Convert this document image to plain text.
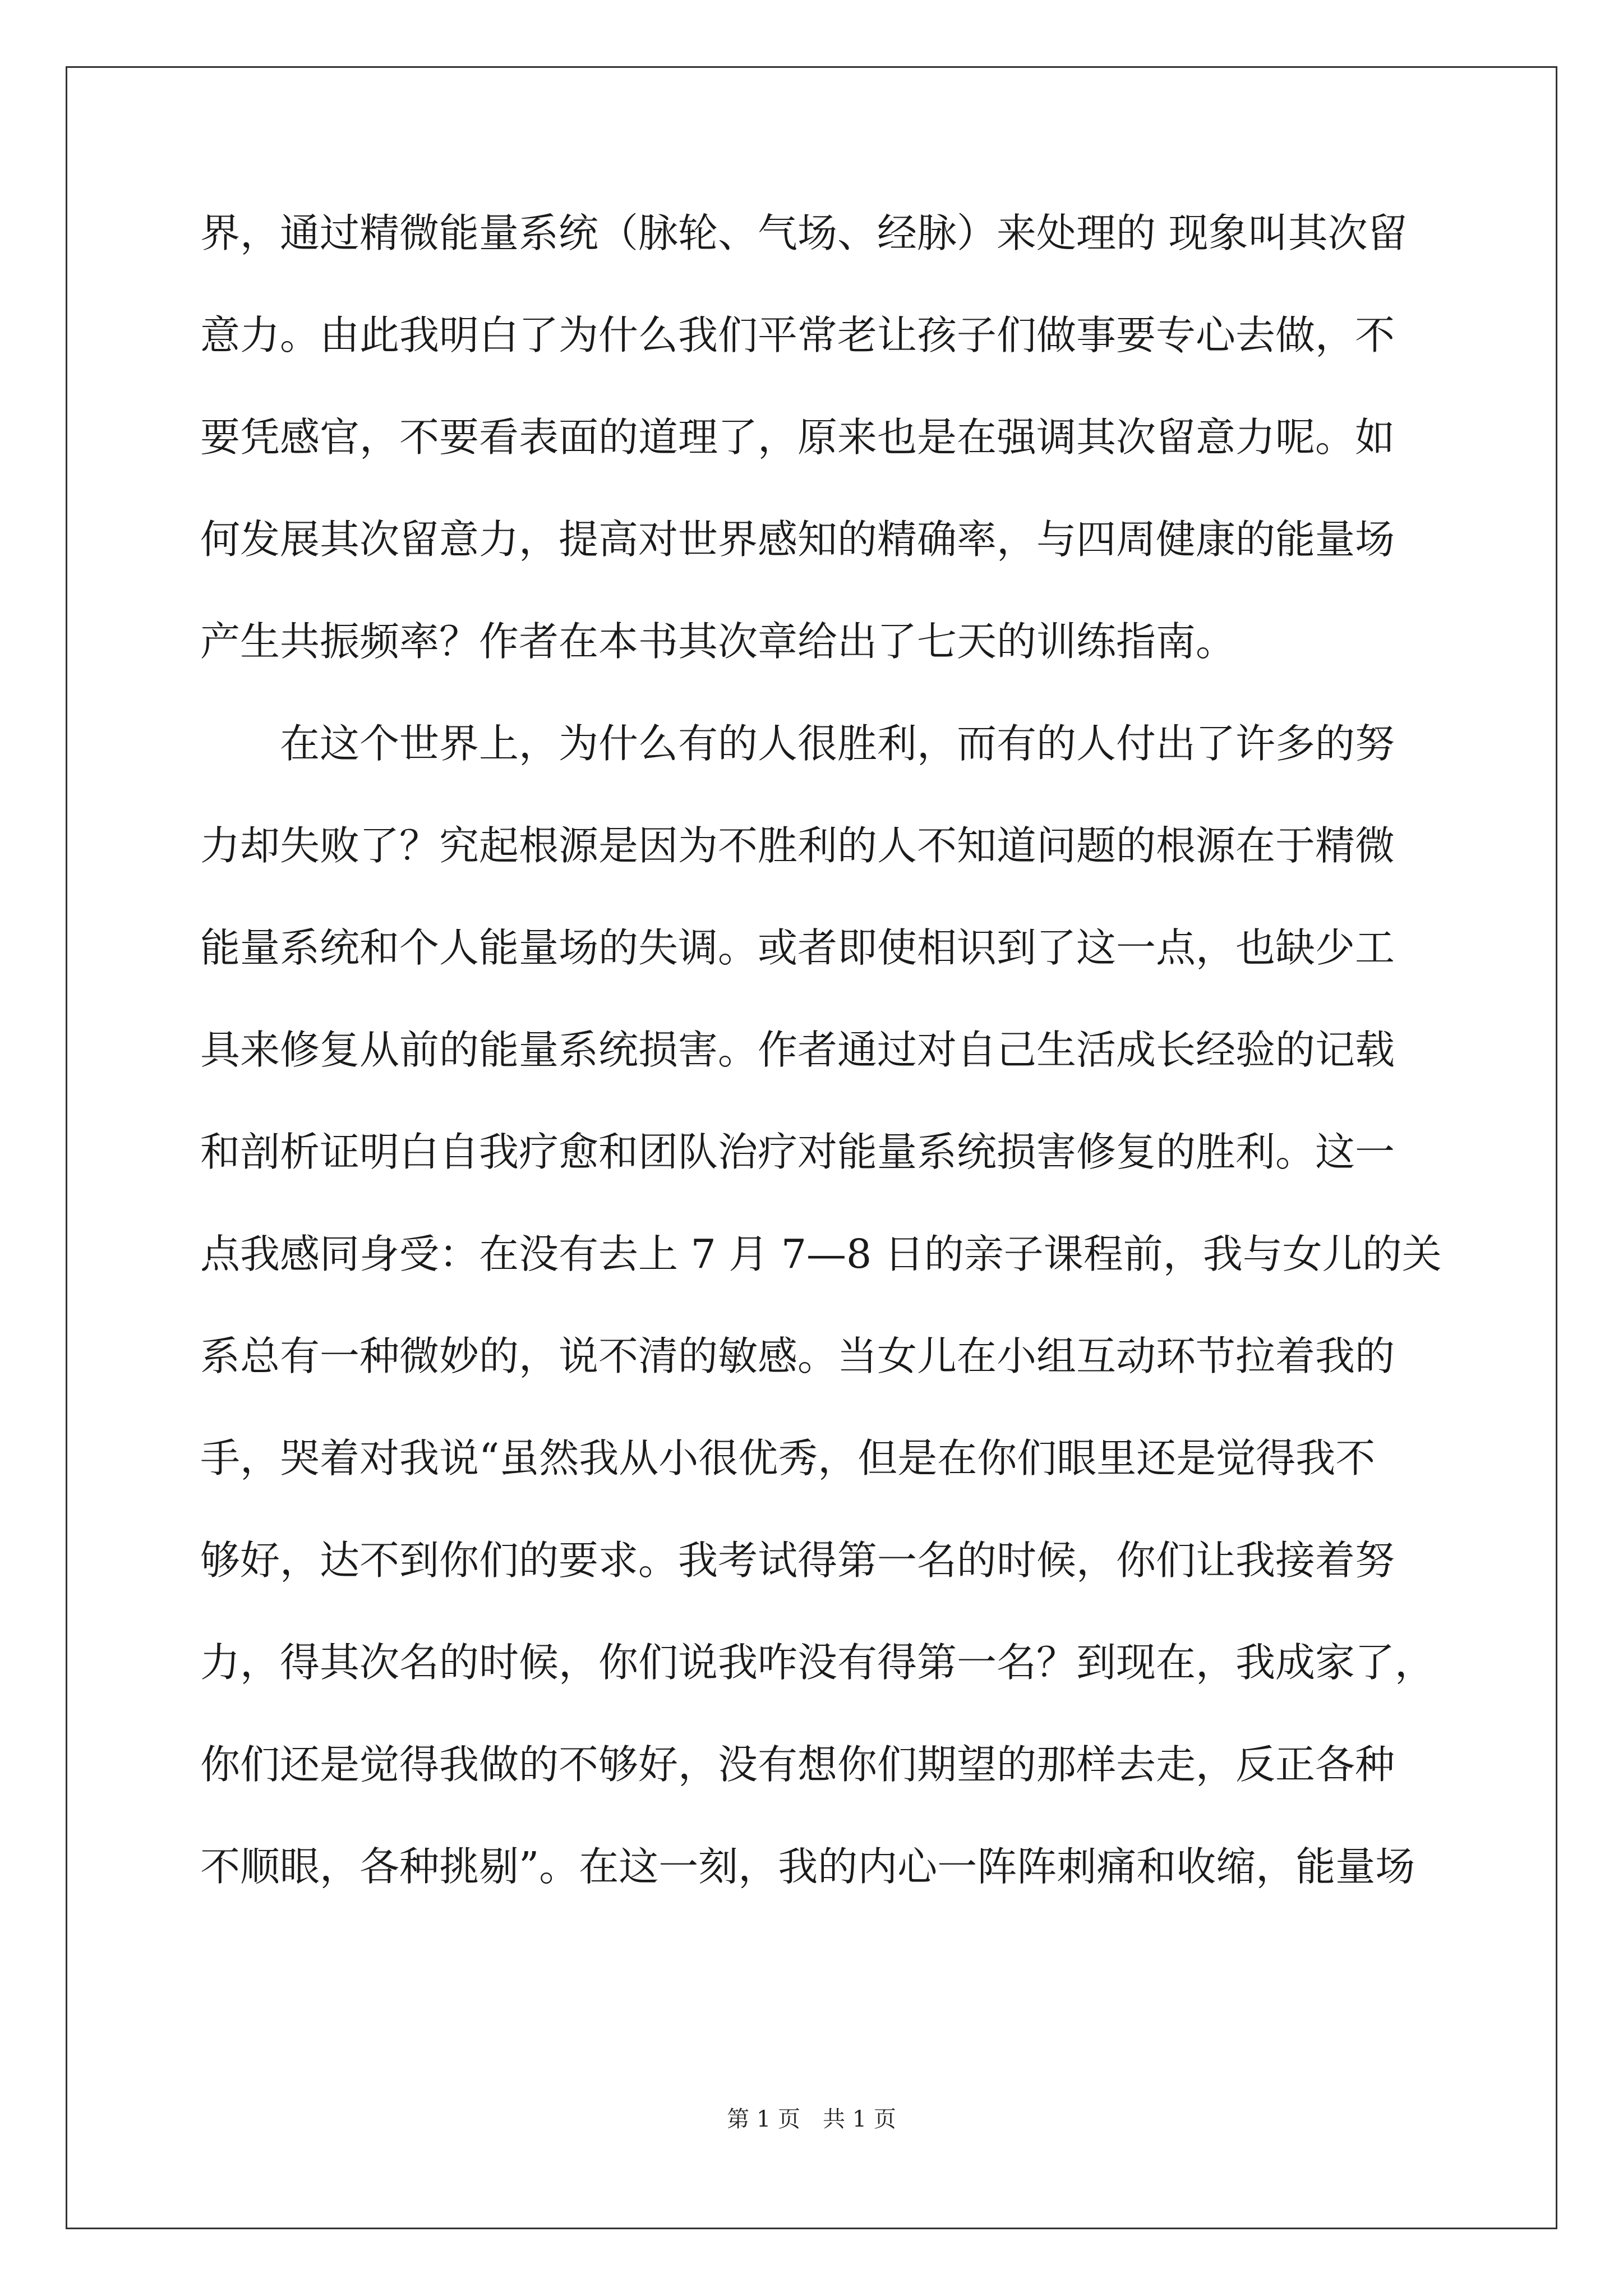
界，通过精微能量系统（脉轮、气场、经脉）来处理的 现象叫其次留
意力。由此我明白了为什么我们平常老让孩子们做事要专心去做，不
要凭感官，不要看表面的道理了，原来也是在强调其次留意力呢。如
何发展其次留意力，提高对世界感知的精确率，与四周健康的能量场
产生共振频率？作者在本书其次章给出了七天的训练指南。
在这个世界上，为什么有的人很胜利，而有的人付出了许多的努
力却失败了？究起根源是因为不胜利的人不知道问题的根源在于精微
能量系统和个人能量场的失调。或者即使相识到了这一点，也缺少工
具来修复从前的能量系统损害。作者通过对自己生活成长经验的记载
和剖析证明白自我疗愈和团队治疗对能量系统损害修复的胜利。这一
点我感同身受：在没有去上 7 月 7—8 日的亲子课程前，我与女儿的关
系总有一种微妙的，说不清的敏感。当女儿在小组互动环节拉着我的
手，哭着对我说“虽然我从小很优秀，但是在你们眼里还是觉得我不
够好，达不到你们的要求。我考试得第一名的时候，你们让我接着努
力，得其次名的时候，你们说我咋没有得第一名？到现在，我成家了，
你们还是觉得我做的不够好，没有想你们期望的那样去走，反正各种
不顺眼，各种挑剔”。在这一刻，我的内心一阵阵刺痛和收缩，能量场
第 1 页　共 1 页
